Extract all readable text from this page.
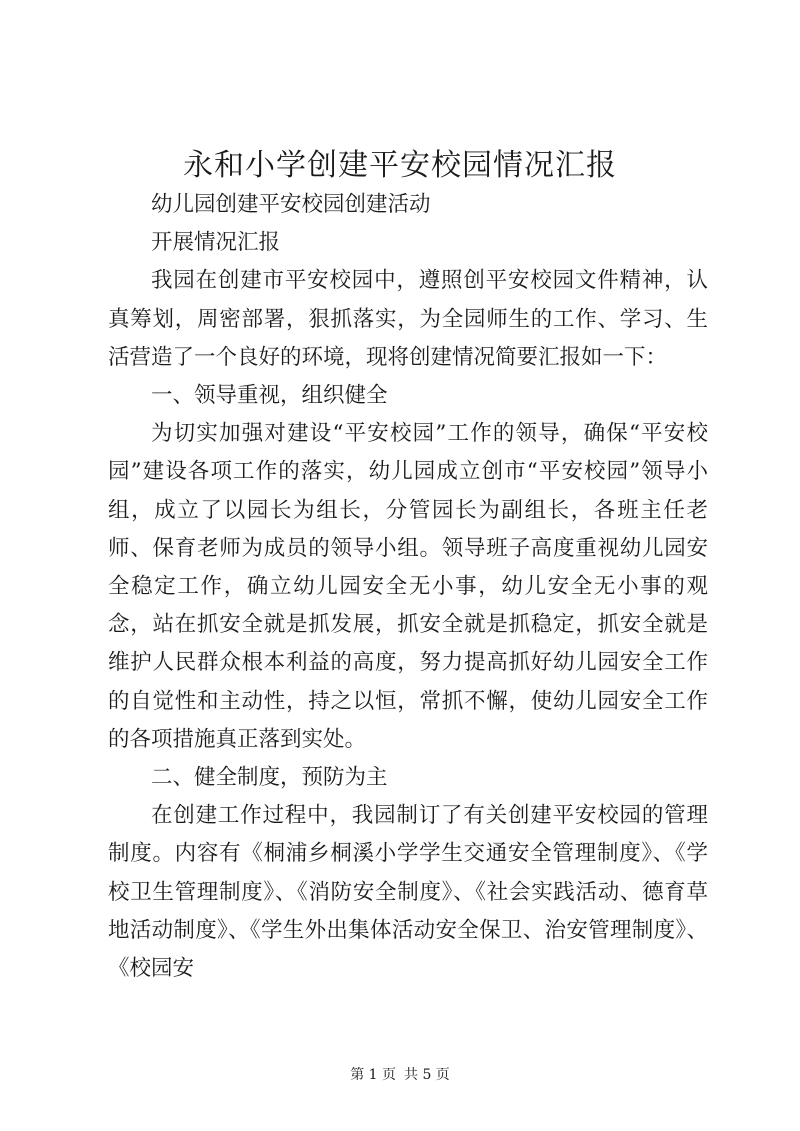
永和小学创建平安校园情况汇报

幼儿园创建平安校园创建活动

开展情况汇报

我园在创建市平安校园中，遵照创平安校园文件精神，认真筹划，周密部署，狠抓落实，为全园师生的工作、学习、生活营造了一个良好的环境，现将创建情况简要汇报如一下：

一、领导重视，组织健全

为切实加强对建设“平安校园”工作的领导，确保“平安校园”建设各项工作的落实，幼儿园成立创市“平安校园”领导小组，成立了以园长为组长，分管园长为副组长，各班主任老师、保育老师为成员的领导小组。领导班子高度重视幼儿园安全稳定工作，确立幼儿园安全无小事，幼儿安全无小事的观念，站在抓安全就是抓发展，抓安全就是抓稳定，抓安全就是维护人民群众根本利益的高度，努力提高抓好幼儿园安全工作的自觉性和主动性，持之以恒，常抓不懈，使幼儿园安全工作的各项措施真正落到实处。

二、健全制度，预防为主

在创建工作过程中，我园制订了有关创建平安校园的管理制度。内容有《桐浦乡桐溪小学学生交通安全管理制度》、《学校卫生管理制度》、《消防安全制度》、《社会实践活动、德育草地活动制度》、《学生外出集体活动安全保卫、治安管理制度》、《校园安

第 1 页 共 5 页
